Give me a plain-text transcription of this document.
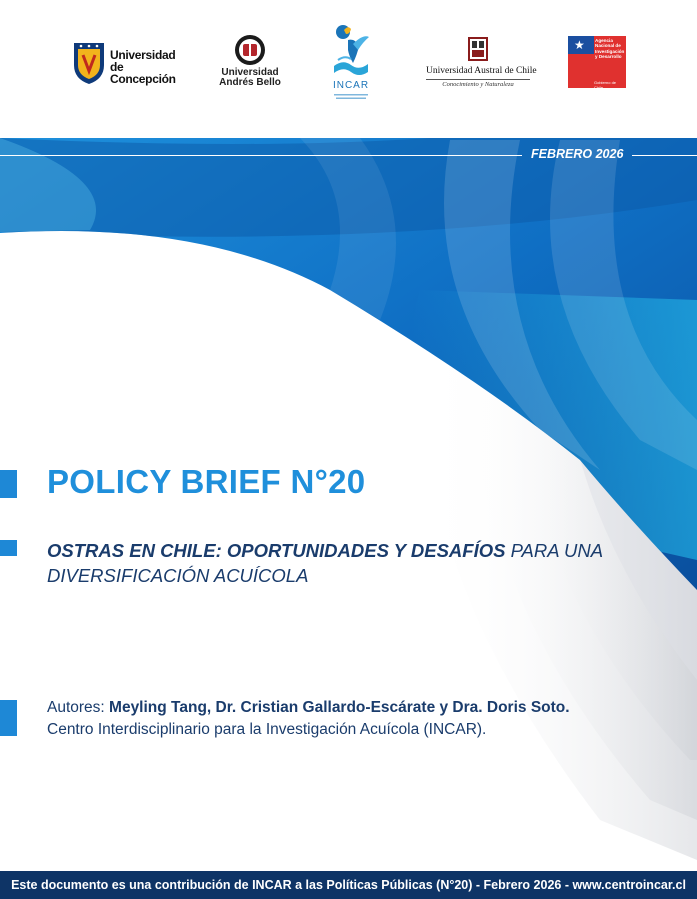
Universidad
de Concepción	Universidad
Andrés Bello	INCAR
Universidad Austral de Chile
Conocimiento y Naturaleza
★ Agencia Nacional de Investigación y Desarrollo
Gobierno de Chile
FEBRERO 2026
POLICY BRIEF N°20

OSTRAS EN CHILE: OPORTUNIDADES Y DESAFÍOS PARA UNA DIVERSIFICACIÓN ACUÍCOLA

Autores: Meyling Tang, Dr. Cristian Gallardo-Escárate y Dra. Doris Soto.
Centro Interdisciplinario para la Investigación Acuícola (INCAR).
Este documento es una contribución de INCAR a las Políticas Públicas (N°20) - Febrero 2026 - www.centroincar.cl
